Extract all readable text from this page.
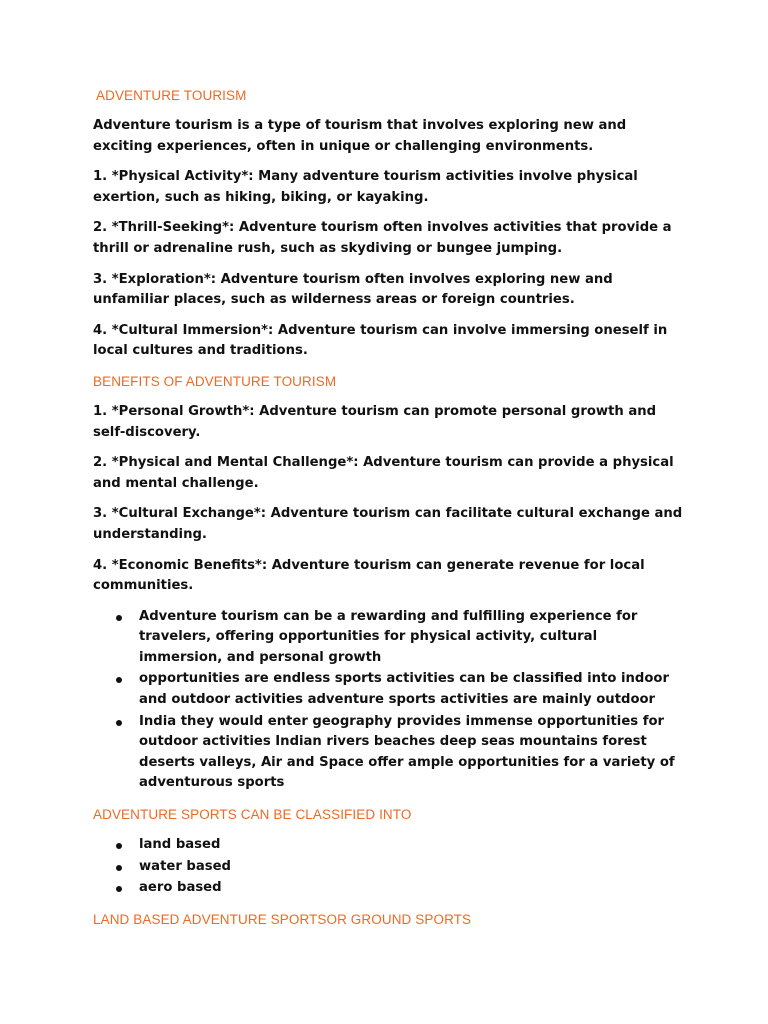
ADVENTURE TOURISM

Adventure tourism is a type of tourism that involves exploring new and exciting experiences, often in unique or challenging environments.

1. *Physical Activity*: Many adventure tourism activities involve physical exertion, such as hiking, biking, or kayaking.

2. *Thrill-Seeking*: Adventure tourism often involves activities that provide a thrill or adrenaline rush, such as skydiving or bungee jumping.

3. *Exploration*: Adventure tourism often involves exploring new and unfamiliar places, such as wilderness areas or foreign countries.

4. *Cultural Immersion*: Adventure tourism can involve immersing oneself in local cultures and traditions.

BENEFITS OF ADVENTURE TOURISM

1. *Personal Growth*: Adventure tourism can promote personal growth and self-discovery.

2. *Physical and Mental Challenge*: Adventure tourism can provide a physical and mental challenge.

3. *Cultural Exchange*: Adventure tourism can facilitate cultural exchange and understanding.

4. *Economic Benefits*: Adventure tourism can generate revenue for local communities.

Adventure tourism can be a rewarding and fulfilling experience for travelers, offering opportunities for physical activity, cultural immersion, and personal growth
opportunities are endless sports activities can be classified into indoor and outdoor activities adventure sports activities are mainly outdoor
India they would enter geography provides immense opportunities for outdoor activities Indian rivers beaches deep seas mountains forest deserts valleys, Air and Space offer ample opportunities for a variety of adventurous sports
ADVENTURE SPORTS CAN BE CLASSIFIED INTO
land based
water based
aero based
LAND BASED ADVENTURE SPORTSOR GROUND SPORTS
